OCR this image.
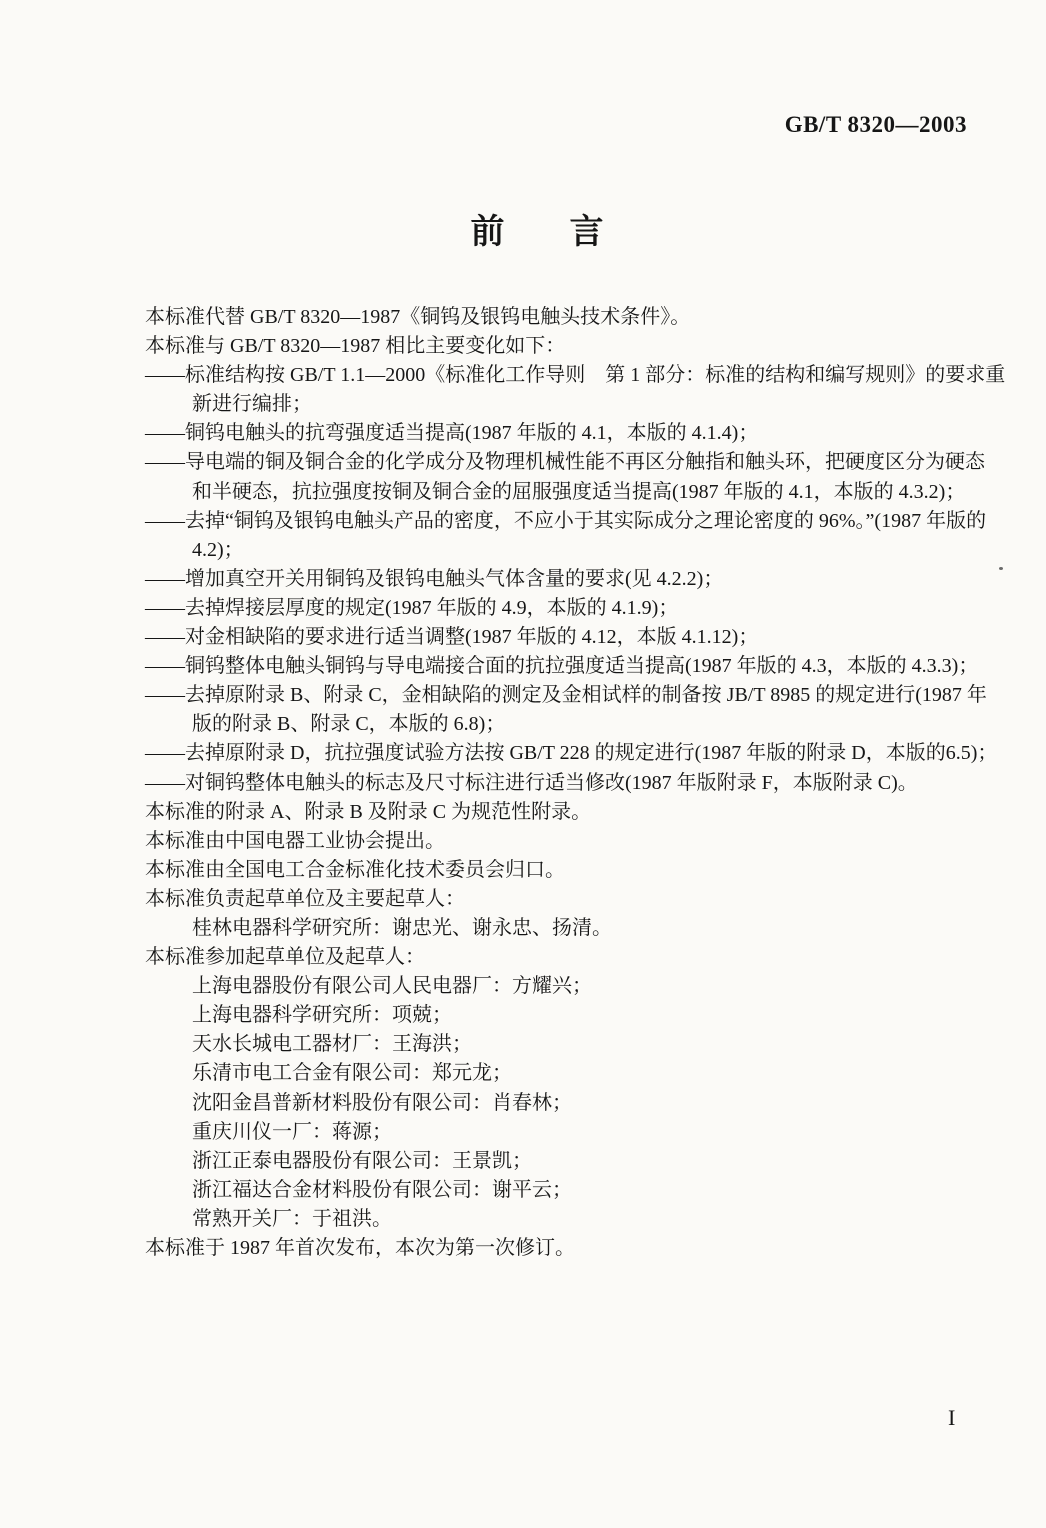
GB/T 8320—2003
前 言
本标准代替 GB/T 8320—1987《铜钨及银钨电触头技术条件》。
本标准与 GB/T 8320—1987 相比主要变化如下：
——标准结构按 GB/T 1.1—2000《标准化工作导则　第 1 部分：标准的结构和编写规则》的要求重
新进行编排；
——铜钨电触头的抗弯强度适当提高(1987 年版的 4.1，本版的 4.1.4)；
——导电端的铜及铜合金的化学成分及物理机械性能不再区分触指和触头环，把硬度区分为硬态
和半硬态，抗拉强度按铜及铜合金的屈服强度适当提高(1987 年版的 4.1，本版的 4.3.2)；
——去掉“铜钨及银钨电触头产品的密度，不应小于其实际成分之理论密度的 96%。”(1987 年版的
4.2)；
——增加真空开关用铜钨及银钨电触头气体含量的要求(见 4.2.2)；
——去掉焊接层厚度的规定(1987 年版的 4.9，本版的 4.1.9)；
——对金相缺陷的要求进行适当调整(1987 年版的 4.12，本版 4.1.12)；
——铜钨整体电触头铜钨与导电端接合面的抗拉强度适当提高(1987 年版的 4.3，本版的 4.3.3)；
——去掉原附录 B、附录 C，金相缺陷的测定及金相试样的制备按 JB/T 8985 的规定进行(1987 年
版的附录 B、附录 C，本版的 6.8)；
——去掉原附录 D，抗拉强度试验方法按 GB/T 228 的规定进行(1987 年版的附录 D，本版的6.5)；
——对铜钨整体电触头的标志及尺寸标注进行适当修改(1987 年版附录 F，本版附录 C)。
本标准的附录 A、附录 B 及附录 C 为规范性附录。
本标准由中国电器工业协会提出。
本标准由全国电工合金标准化技术委员会归口。
本标准负责起草单位及主要起草人：
桂林电器科学研究所：谢忠光、谢永忠、扬清。
本标准参加起草单位及起草人：
上海电器股份有限公司人民电器厂：方耀兴；
上海电器科学研究所：项兢；
天水长城电工器材厂：王海洪；
乐清市电工合金有限公司：郑元龙；
沈阳金昌普新材料股份有限公司：肖春林；
重庆川仪一厂：蒋源；
浙江正泰电器股份有限公司：王景凯；
浙江福达合金材料股份有限公司：谢平云；
常熟开关厂：于祖洪。
本标准于 1987 年首次发布，本次为第一次修订。
I
